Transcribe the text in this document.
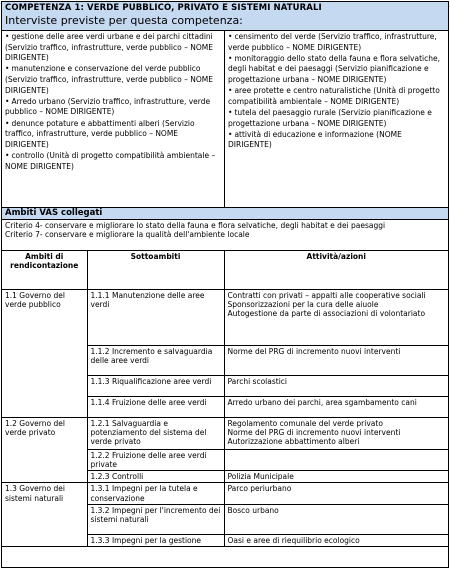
COMPETENZA 1: VERDE PUBBLICO, PRIVATO E SISTEMI NATURALI
Interviste previste per questa competenza:
• gestione delle aree verdi urbane e dei parchi cittadini (Servizio traffico, infrastrutture, verde pubblico – NOME DIRIGENTE)
• manutenzione e conservazione del verde pubblico (Servizio traffico, infrastrutture, verde pubblico – NOME DIRIGENTE)
• Arredo urbano (Servizio traffico, infrastrutture, verde pubblico – NOME DIRIGENTE)
• denunce potature e abbattimenti alberi (Servizio traffico, infrastrutture, verde pubblico – NOME DIRIGENTE)
• controllo (Unità di progetto compatibilità ambientale – NOME DIRIGENTE)
• censimento del verde (Servizio traffico, infrastrutture, verde pubblico – NOME DIRIGENTE)
• monitoraggio dello stato della fauna e flora selvatiche, degli habitat e dei paesaggi (Servizio pianificazione e progettazione urbana – NOME DIRIGENTE)
• aree protette e centro naturalistiche (Unità di progetto compatibilità ambientale – NOME DIRIGENTE)
• tutela del paesaggio rurale (Servizio pianificazione e progettazione urbana – NOME DIRIGENTE)
• attività di educazione e informazione (NOME DIRIGENTE)
Ambiti VAS collegati
Criterio 4- conservare e migliorare lo stato della fauna e flora selvatiche, degli habitat e dei paesaggi
Criterio 7- conservare e migliorare la qualità dell'ambiente locale
Ambiti di rendicontazione	Sottoambiti	Attività/azioni
1.1 Governo del verde pubblico	1.1.1 Manutenzione delle aree verdi	Contratti con privati – appalti alle cooperative sociali
Sponsorizzazioni per la cura delle aiuole
Autogestione da parte di associazioni di volontariato

	1.1.2 Incremento e salvaguardia delle aree verdi	Norme del PRG di incremento nuovi interventi
	1.1.3 Riqualificazione aree verdi	Parchi scolastici
	1.1.4 Fruizione delle aree verdi	Arredo urbano dei parchi, area sgambamento cani
1.2 Governo del verde privato	1.2.1 Salvaguardia e potenziamento del sistema del verde privato	Regolamento comunale del verde privato
Norme del PRG di incremento nuovi interventi
Autorizzazione abbattimento alberi

	1.2.2 Fruizione delle aree verdi private	
	1.2.3 Controlli	Polizia Municipale
1.3 Governo dei sistemi naturali	1.3.1 Impegni per la tutela e conservazione	Parco periurbano
	1.3.2 Impegni per l'incremento dei sistemi naturali	Bosco urbano
	1.3.3 Impegni per la gestione	Oasi e aree di riequilibrio ecologico
